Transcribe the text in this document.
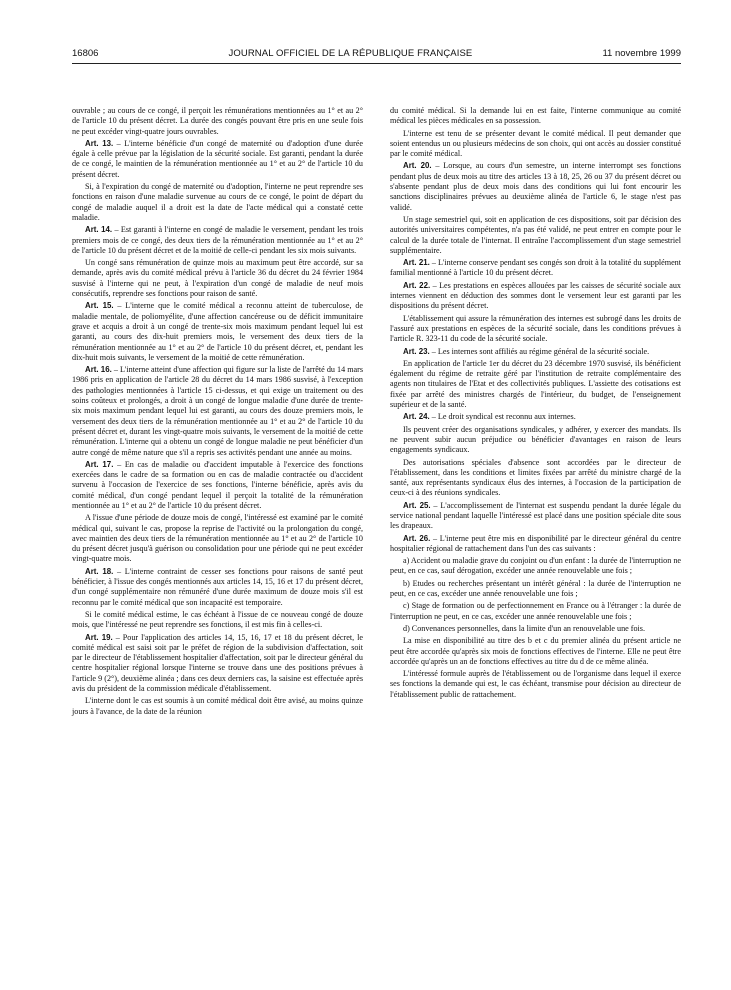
16806	JOURNAL OFFICIEL DE LA RÉPUBLIQUE FRANÇAISE	11 novembre 1999

ouvrable ; au cours de ce congé, il perçoit les rémunérations mentionnées au 1° et au 2° de l'article 10 du présent décret. La durée des congés pouvant être pris en une seule fois ne peut excéder vingt-quatre jours ouvrables.

Art. 13. – L'interne bénéficie d'un congé de maternité ou d'adoption d'une durée égale à celle prévue par la législation de la sécurité sociale. Est garanti, pendant la durée de ce congé, le maintien de la rémunération mentionnée au 1° et au 2° de l'article 10 du présent décret.

Si, à l'expiration du congé de maternité ou d'adoption, l'interne ne peut reprendre ses fonctions en raison d'une maladie survenue au cours de ce congé, le point de départ du congé de maladie auquel il a droit est la date de l'acte médical qui a constaté cette maladie.

Art. 14. – Est garanti à l'interne en congé de maladie le versement, pendant les trois premiers mois de ce congé, des deux tiers de la rémunération mentionnée au 1° et au 2° de l'article 10 du présent décret et de la moitié de celle-ci pendant les six mois suivants.

Un congé sans rémunération de quinze mois au maximum peut être accordé, sur sa demande, après avis du comité médical prévu à l'article 36 du décret du 24 février 1984 susvisé à l'interne qui ne peut, à l'expiration d'un congé de maladie de neuf mois consécutifs, reprendre ses fonctions pour raison de santé.

Art. 15. – L'interne que le comité médical a reconnu atteint de tuberculose, de maladie mentale, de poliomyélite, d'une affection cancéreuse ou de déficit immunitaire grave et acquis a droit à un congé de trente-six mois maximum pendant lequel lui est garanti, au cours des dix-huit premiers mois, le versement des deux tiers de la rémunération mentionnée au 1° et au 2° de l'article 10 du présent décret, et, pendant les dix-huit mois suivants, le versement de la moitié de cette rémunération.

Art. 16. – L'interne atteint d'une affection qui figure sur la liste de l'arrêté du 14 mars 1986 pris en application de l'article 28 du décret du 14 mars 1986 susvisé, à l'exception des pathologies mentionnées à l'article 15 ci-dessus, et qui exige un traitement ou des soins coûteux et prolongés, a droit à un congé de longue maladie d'une durée de trente-six mois maximum pendant lequel lui est garanti, au cours des douze premiers mois, le versement des deux tiers de la rémunération mentionnée au 1° et au 2° de l'article 10 du présent décret et, durant les vingt-quatre mois suivants, le versement de la moitié de cette rémunération. L'interne qui a obtenu un congé de longue maladie ne peut bénéficier d'un autre congé de même nature que s'il a repris ses activités pendant une année au moins.

Art. 17. – En cas de maladie ou d'accident imputable à l'exercice des fonctions exercées dans le cadre de sa formation ou en cas de maladie contractée ou d'accident survenu à l'occasion de l'exercice de ses fonctions, l'interne bénéficie, après avis du comité médical, d'un congé pendant lequel il perçoit la totalité de la rémunération mentionnée au 1° et au 2° de l'article 10 du présent décret.

A l'issue d'une période de douze mois de congé, l'intéressé est examiné par le comité médical qui, suivant le cas, propose la reprise de l'activité ou la prolongation du congé, avec maintien des deux tiers de la rémunération mentionnée au 1° et au 2° de l'article 10 du présent décret jusqu'à guérison ou consolidation pour une période qui ne peut excéder vingt-quatre mois.

Art. 18. – L'interne contraint de cesser ses fonctions pour raisons de santé peut bénéficier, à l'issue des congés mentionnés aux articles 14, 15, 16 et 17 du présent décret, d'un congé supplémentaire non rémunéré d'une durée maximum de douze mois s'il est reconnu par le comité médical que son incapacité est temporaire.

Si le comité médical estime, le cas échéant à l'issue de ce nouveau congé de douze mois, que l'intéressé ne peut reprendre ses fonctions, il est mis fin à celles-ci.

Art. 19. – Pour l'application des articles 14, 15, 16, 17 et 18 du présent décret, le comité médical est saisi soit par le préfet de région de la subdivision d'affectation, soit par le directeur de l'établissement hospitalier d'affectation, soit par le directeur général du centre hospitalier régional lorsque l'interne se trouve dans une des positions prévues à l'article 9 (2°), deuxième alinéa ; dans ces deux derniers cas, la saisine est effectuée après avis du président de la commission médicale d'établissement.

L'interne dont le cas est soumis à un comité médical doit être avisé, au moins quinze jours à l'avance, de la date de la réunion

du comité médical. Si la demande lui en est faite, l'interne communique au comité médical les pièces médicales en sa possession.

L'interne est tenu de se présenter devant le comité médical. Il peut demander que soient entendus un ou plusieurs médecins de son choix, qui ont accès au dossier constitué par le comité médical.

Art. 20. – Lorsque, au cours d'un semestre, un interne interrompt ses fonctions pendant plus de deux mois au titre des articles 13 à 18, 25, 26 ou 37 du présent décret ou s'absente pendant plus de deux mois dans des conditions qui lui font encourir les sanctions disciplinaires prévues au deuxième alinéa de l'article 6, le stage n'est pas validé.

Un stage semestriel qui, soit en application de ces dispositions, soit par décision des autorités universitaires compétentes, n'a pas été validé, ne peut entrer en compte pour le calcul de la durée totale de l'internat. Il entraîne l'accomplissement d'un stage semestriel supplémentaire.

Art. 21. – L'interne conserve pendant ses congés son droit à la totalité du supplément familial mentionné à l'article 10 du présent décret.

Art. 22. – Les prestations en espèces allouées par les caisses de sécurité sociale aux internes viennent en déduction des sommes dont le versement leur est garanti par les dispositions du présent décret.

L'établissement qui assure la rémunération des internes est subrogé dans les droits de l'assuré aux prestations en espèces de la sécurité sociale, dans les conditions prévues à l'article R. 323-11 du code de la sécurité sociale.

Art. 23. – Les internes sont affiliés au régime général de la sécurité sociale.

En application de l'article 1er du décret du 23 décembre 1970 susvisé, ils bénéficient également du régime de retraite géré par l'institution de retraite complémentaire des agents non titulaires de l'Etat et des collectivités publiques. L'assiette des cotisations est fixée par arrêté des ministres chargés de l'intérieur, du budget, de l'enseignement supérieur et de la santé.

Art. 24. – Le droit syndical est reconnu aux internes.

Ils peuvent créer des organisations syndicales, y adhérer, y exercer des mandats. Ils ne peuvent subir aucun préjudice ou bénéficier d'avantages en raison de leurs engagements syndicaux.

Des autorisations spéciales d'absence sont accordées par le directeur de l'établissement, dans les conditions et limites fixées par arrêté du ministre chargé de la santé, aux représentants syndicaux élus des internes, à l'occasion de la participation de ceux-ci à des réunions syndicales.

Art. 25. – L'accomplissement de l'internat est suspendu pendant la durée légale du service national pendant laquelle l'intéressé est placé dans une position spéciale dite sous les drapeaux.

Art. 26. – L'interne peut être mis en disponibilité par le directeur général du centre hospitalier régional de rattachement dans l'un des cas suivants :

a) Accident ou maladie grave du conjoint ou d'un enfant : la durée de l'interruption ne peut, en ce cas, sauf dérogation, excéder une année renouvelable une fois ;

b) Etudes ou recherches présentant un intérêt général : la durée de l'interruption ne peut, en ce cas, excéder une année renouvelable une fois ;

c) Stage de formation ou de perfectionnement en France ou à l'étranger : la durée de l'interruption ne peut, en ce cas, excéder une année renouvelable une fois ;

d) Convenances personnelles, dans la limite d'un an renouvelable une fois.

La mise en disponibilité au titre des b et c du premier alinéa du présent article ne peut être accordée qu'après six mois de fonctions effectives de l'interne. Elle ne peut être accordée qu'après un an de fonctions effectives au titre du d de ce même alinéa.

L'intéressé formule auprès de l'établissement ou de l'organisme dans lequel il exerce ses fonctions la demande qui est, le cas échéant, transmise pour décision au directeur de l'établissement public de rattachement.
